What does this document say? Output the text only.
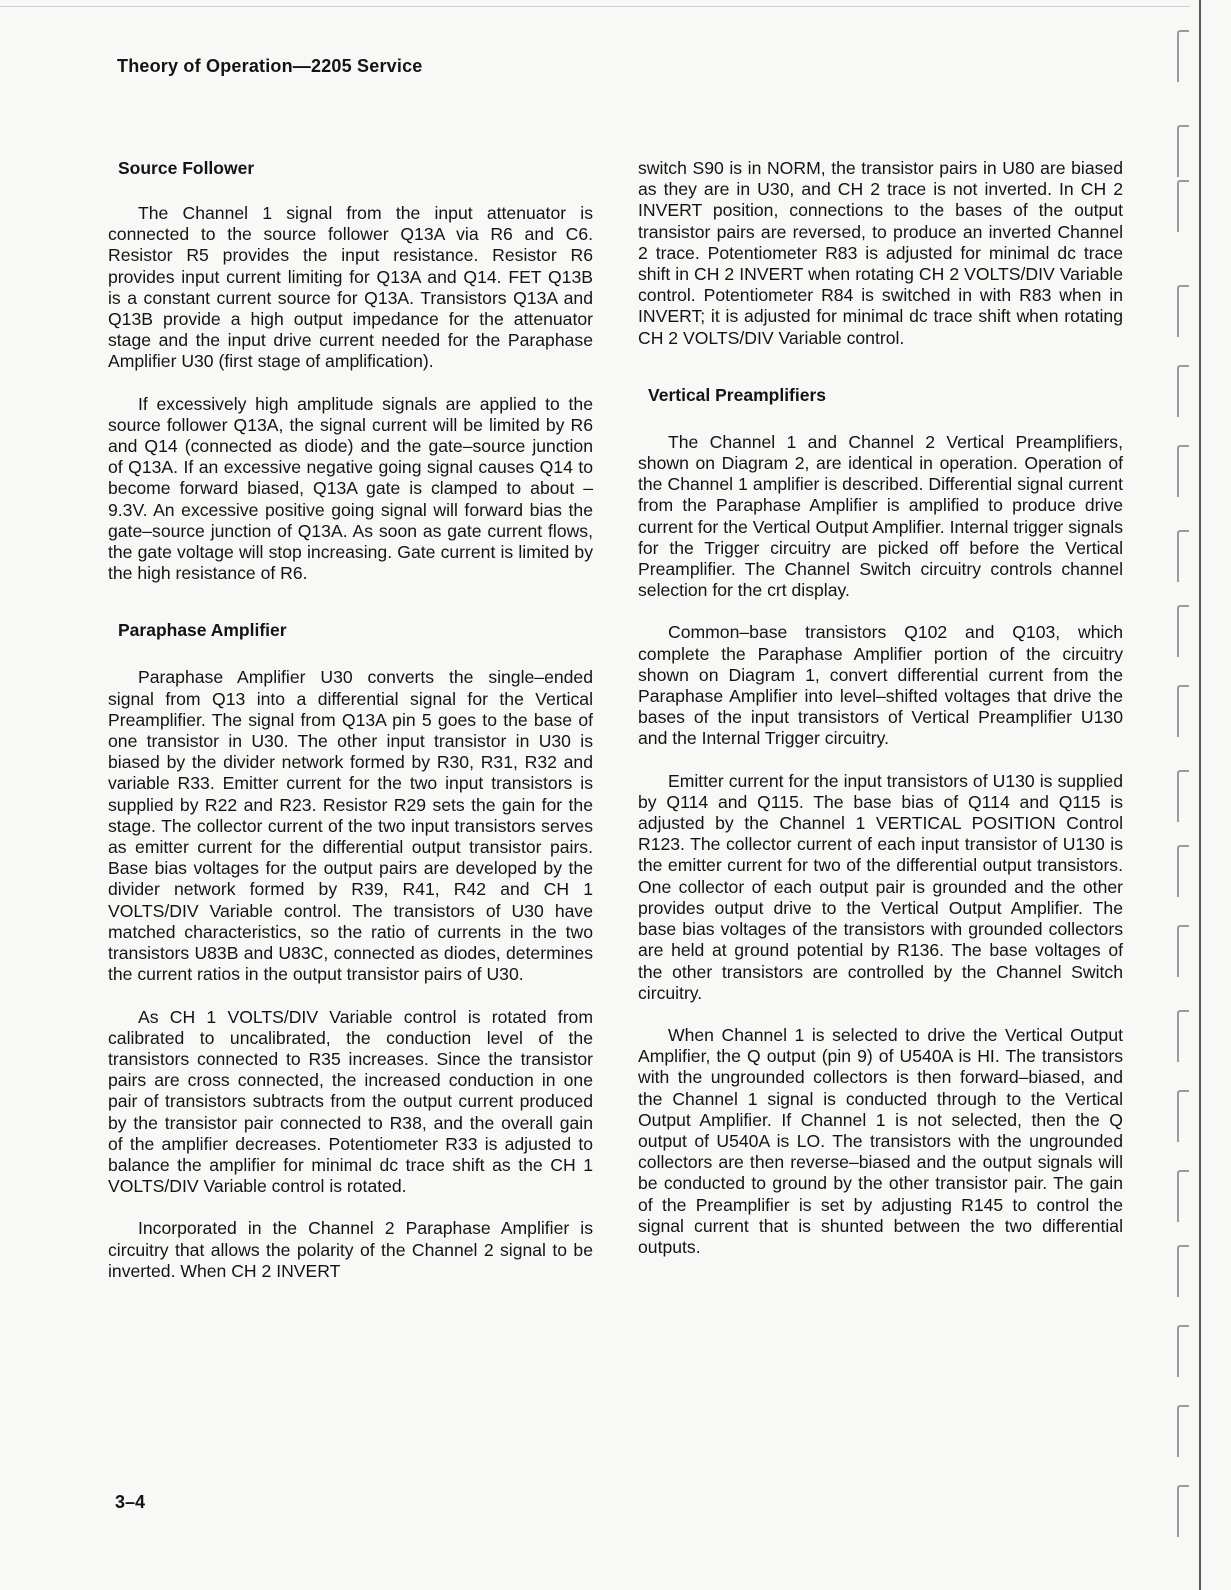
Theory of Operation—2205 Service
Source Follower

The Channel 1 signal from the input attenuator is connected to the source follower Q13A via R6 and C6. Resistor R5 provides the input resistance. Resistor R6 provides input current limiting for Q13A and Q14. FET Q13B is a constant current source for Q13A. Transistors Q13A and Q13B provide a high output impedance for the attenuator stage and the input drive current needed for the Paraphase Amplifier U30 (first stage of amplification).

If excessively high amplitude signals are applied to the source follower Q13A, the signal current will be limited by R6 and Q14 (connected as diode) and the gate–source junction of Q13A. If an excessive negative going signal causes Q14 to become forward biased, Q13A gate is clamped to about –9.3V. An excessive positive going signal will forward bias the gate–source junction of Q13A. As soon as gate current flows, the gate voltage will stop increasing. Gate current is limited by the high resistance of R6.

Paraphase Amplifier

Paraphase Amplifier U30 converts the single–ended signal from Q13 into a differential signal for the Vertical Preamplifier. The signal from Q13A pin 5 goes to the base of one transistor in U30. The other input transistor in U30 is biased by the divider network formed by R30, R31, R32 and variable R33. Emitter current for the two input transistors is supplied by R22 and R23. Resistor R29 sets the gain for the stage. The collector current of the two input transistors serves as emitter current for the differential output transistor pairs. Base bias voltages for the output pairs are developed by the divider network formed by R39, R41, R42 and CH 1 VOLTS/DIV Variable control. The transistors of U30 have matched characteristics, so the ratio of currents in the two transistors U83B and U83C, connected as diodes, determines the current ratios in the output transistor pairs of U30.

As CH 1 VOLTS/DIV Variable control is rotated from calibrated to uncalibrated, the conduction level of the transistors connected to R35 increases. Since the transistor pairs are cross connected, the increased conduction in one pair of transistors subtracts from the output current produced by the transistor pair connected to R38, and the overall gain of the amplifier decreases. Potentiometer R33 is adjusted to balance the amplifier for minimal dc trace shift as the CH 1 VOLTS/DIV Variable control is rotated.

Incorporated in the Channel 2 Paraphase Amplifier is circuitry that allows the polarity of the Channel 2 signal to be inverted. When CH 2 INVERT

switch S90 is in NORM, the transistor pairs in U80 are biased as they are in U30, and CH 2 trace is not inverted. In CH 2 INVERT position, connections to the bases of the output transistor pairs are reversed, to produce an inverted Channel 2 trace. Potentiometer R83 is adjusted for minimal dc trace shift in CH 2 INVERT when rotating CH 2 VOLTS/DIV Variable control. Potentiometer R84 is switched in with R83 when in INVERT; it is adjusted for minimal dc trace shift when rotating CH 2 VOLTS/DIV Variable control.

Vertical Preamplifiers

The Channel 1 and Channel 2 Vertical Preamplifiers, shown on Diagram 2, are identical in operation. Operation of the Channel 1 amplifier is described. Differential signal current from the Paraphase Amplifier is amplified to produce drive current for the Vertical Output Amplifier. Internal trigger signals for the Trigger circuitry are picked off before the Vertical Preamplifier. The Channel Switch circuitry controls channel selection for the crt display.

Common–base transistors Q102 and Q103, which complete the Paraphase Amplifier portion of the circuitry shown on Diagram 1, convert differential current from the Paraphase Amplifier into level–shifted voltages that drive the bases of the input transistors of Vertical Preamplifier U130 and the Internal Trigger circuitry.

Emitter current for the input transistors of U130 is supplied by Q114 and Q115. The base bias of Q114 and Q115 is adjusted by the Channel 1 VERTICAL POSITION Control R123. The collector current of each input transistor of U130 is the emitter current for two of the differential output transistors. One collector of each output pair is grounded and the other provides output drive to the Vertical Output Amplifier. The base bias voltages of the transistors with grounded collectors are held at ground potential by R136. The base voltages of the other transistors are controlled by the Channel Switch circuitry.

When Channel 1 is selected to drive the Vertical Output Amplifier, the Q output (pin 9) of U540A is HI. The transistors with the ungrounded collectors is then forward–biased, and the Channel 1 signal is conducted through to the Vertical Output Amplifier. If Channel 1 is not selected, then the Q output of U540A is LO. The transistors with the ungrounded collectors are then reverse–biased and the output signals will be conducted to ground by the other transistor pair. The gain of the Preamplifier is set by adjusting R145 to control the signal current that is shunted between the two differential outputs.

3–4
